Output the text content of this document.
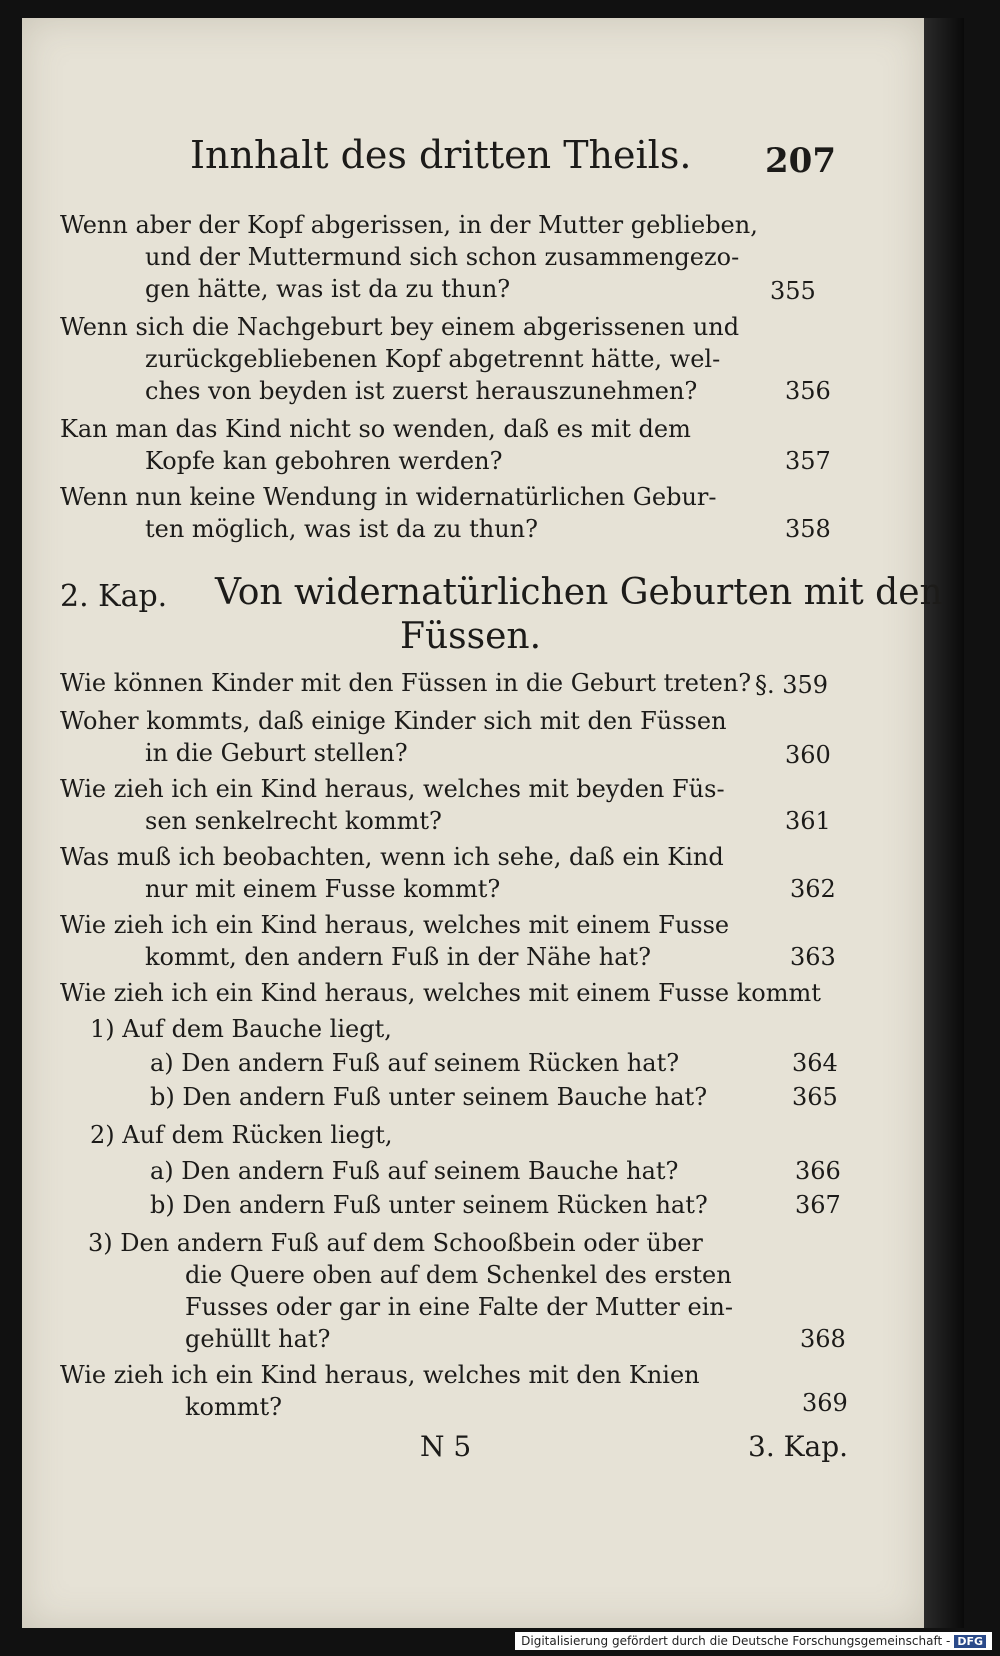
Innhalt des dritten Theils. 207
Wenn aber der Kopf abgerissen, in der Mutter geblieben,
und der Muttermund sich schon zusammengezo-
gen hätte, was ist da zu thun?	355
Wenn sich die Nachgeburt bey einem abgerissenen und
zurückgebliebenen Kopf abgetrennt hätte, wel-
ches von beyden ist zuerst herauszunehmen?	356
Kan man das Kind nicht so wenden, daß es mit dem
Kopfe kan gebohren werden?	357
Wenn nun keine Wendung in widernatürlichen Gebur-
ten möglich, was ist da zu thun?	358
2. Kap. Von widernatürlichen Geburten mit den
Füssen.
Wie können Kinder mit den Füssen in die Geburt treten? §. 359
Woher kommts, daß einige Kinder sich mit den Füssen
in die Geburt stellen?	360
Wie zieh ich ein Kind heraus, welches mit beyden Füs-
sen senkelrecht kommt?	361
Was muß ich beobachten, wenn ich sehe, daß ein Kind
nur mit einem Fusse kommt?	362
Wie zieh ich ein Kind heraus, welches mit einem Fusse
kommt, den andern Fuß in der Nähe hat?	363
Wie zieh ich ein Kind heraus, welches mit einem Fusse kommt
1) Auf dem Bauche liegt,
a) Den andern Fuß auf seinem Rücken hat?	364
b) Den andern Fuß unter seinem Bauche hat?	365
2) Auf dem Rücken liegt,
a) Den andern Fuß auf seinem Bauche hat?	366
b) Den andern Fuß unter seinem Rücken hat?	367
3) Den andern Fuß auf dem Schooßbein oder über
die Quere oben auf dem Schenkel des ersten
Fusses oder gar in eine Falte der Mutter ein-
gehüllt hat?	368
Wie zieh ich ein Kind heraus, welches mit den Knien
kommt?	369
N 5	3. Kap.
Digitalisierung gefördert durch die Deutsche Forschungsgemeinschaft - DFG
